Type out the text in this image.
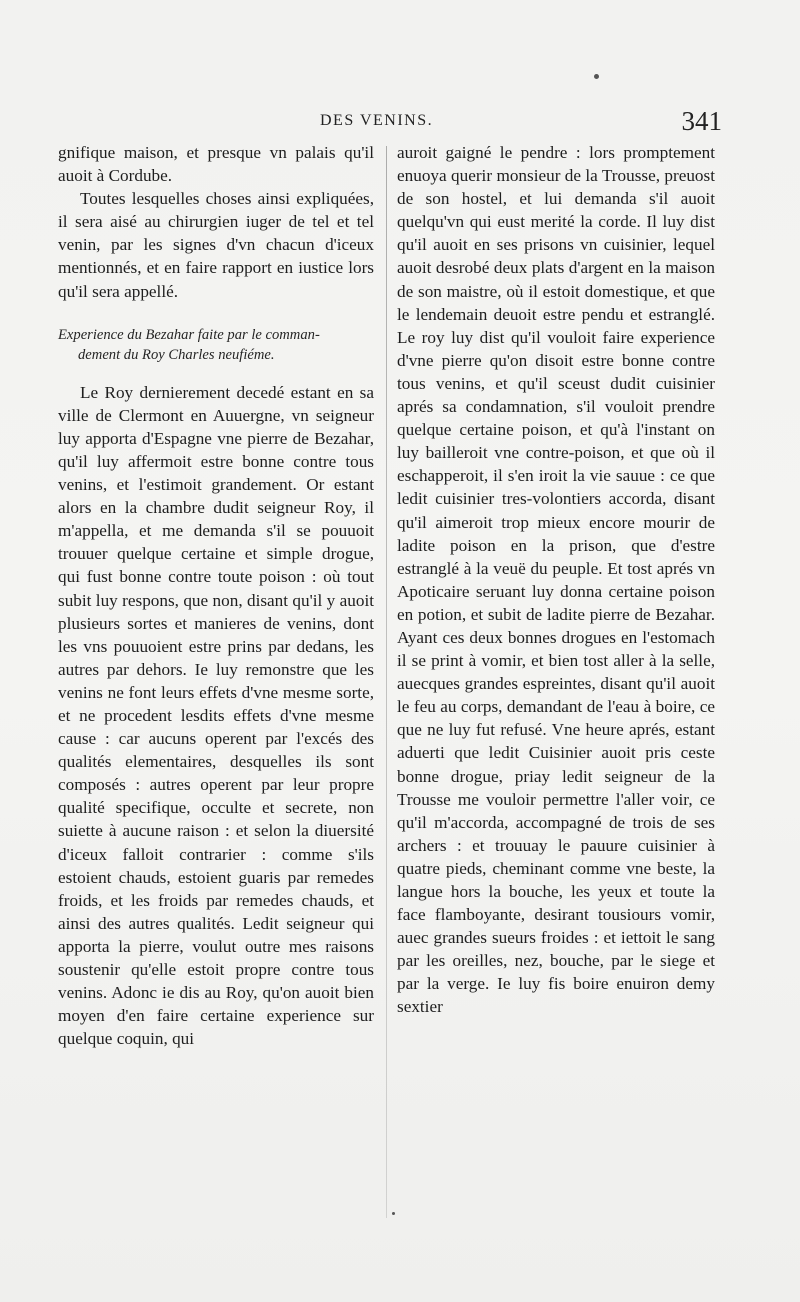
DES VENINS.	341

gnifique maison, et presque vn palais qu'il auoit à Cordube.

Toutes lesquelles choses ainsi expliquées, il sera aisé au chirurgien iuger de tel et tel venin, par les signes d'vn chacun d'iceux mentionnés, et en faire rapport en iustice lors qu'il sera appellé.

Experience du Bezahar faite par le comman-
dement du Roy Charles neufiéme.

Le Roy dernierement decedé estant en sa ville de Clermont en Auuergne, vn seigneur luy apporta d'Espagne vne pierre de Bezahar, qu'il luy affermoit estre bonne contre tous venins, et l'estimoit grandement. Or estant alors en la chambre dudit seigneur Roy, il m'appella, et me demanda s'il se pouuoit trouuer quelque certaine et simple drogue, qui fust bonne contre toute poison : où tout subit luy respons, que non, disant qu'il y auoit plusieurs sortes et manieres de venins, dont les vns pouuoient estre prins par dedans, les autres par dehors. Ie luy remonstre que les venins ne font leurs effets d'vne mesme sorte, et ne procedent lesdits effets d'vne mesme cause : car aucuns operent par l'excés des qualités elementaires, desquelles ils sont composés : autres operent par leur propre qualité specifique, occulte et secrete, non suiette à aucune raison : et selon la diuersité d'iceux falloit contrarier : comme s'ils estoient chauds, estoient guaris par remedes froids, et les froids par remedes chauds, et ainsi des autres qualités. Ledit seigneur qui apporta la pierre, voulut outre mes raisons soustenir qu'elle estoit propre contre tous venins. Adonc ie dis au Roy, qu'on auoit bien moyen d'en faire certaine experience sur quelque coquin, qui

auroit gaigné le pendre : lors promptement enuoya querir monsieur de la Trousse, preuost de son hostel, et lui demanda s'il auoit quelqu'vn qui eust merité la corde. Il luy dist qu'il auoit en ses prisons vn cuisinier, lequel auoit desrobé deux plats d'argent en la maison de son maistre, où il estoit domestique, et que le lendemain deuoit estre pendu et estranglé. Le roy luy dist qu'il vouloit faire experience d'vne pierre qu'on disoit estre bonne contre tous venins, et qu'il sceust dudit cuisinier aprés sa condamnation, s'il vouloit prendre quelque certaine poison, et qu'à l'instant on luy bailleroit vne contre-poison, et que où il eschapperoit, il s'en iroit la vie sauue : ce que ledit cuisinier tres-volontiers accorda, disant qu'il aimeroit trop mieux encore mourir de ladite poison en la prison, que d'estre estranglé à la veuë du peuple. Et tost aprés vn Apoticaire seruant luy donna certaine poison en potion, et subit de ladite pierre de Bezahar. Ayant ces deux bonnes drogues en l'estomach il se print à vomir, et bien tost aller à la selle, auecques grandes espreintes, disant qu'il auoit le feu au corps, demandant de l'eau à boire, ce que ne luy fut refusé. Vne heure aprés, estant aduerti que ledit Cuisinier auoit pris ceste bonne drogue, priay ledit seigneur de la Trousse me vouloir permettre l'aller voir, ce qu'il m'accorda, accompagné de trois de ses archers : et trouuay le pauure cuisinier à quatre pieds, cheminant comme vne beste, la langue hors la bouche, les yeux et toute la face flamboyante, desirant tousiours vomir, auec grandes sueurs froides : et iettoit le sang par les oreilles, nez, bouche, par le siege et par la verge. Ie luy fis boire enuiron demy sextier
